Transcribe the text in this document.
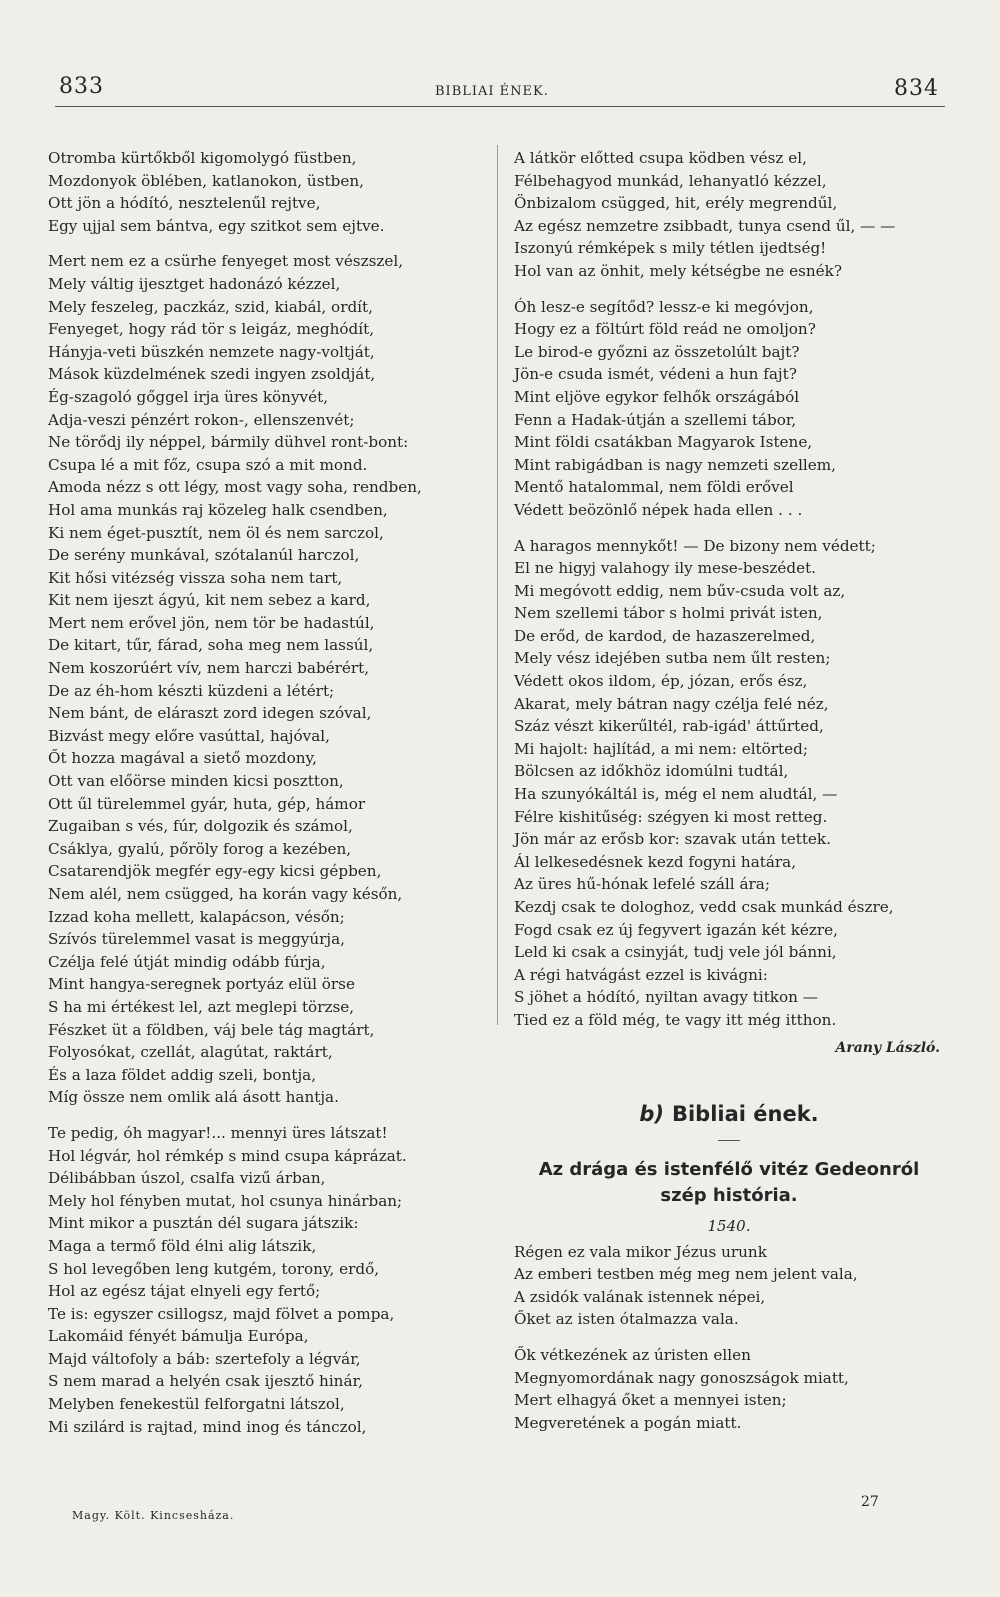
833	BIBLIAI ÉNEK.	834
Otromba kürtőkből kigomolygó füstben,
Mozdonyok öblében, katlanokon, üstben,
Ott jön a hódító, nesztelenűl rejtve,
Egy ujjal sem bántva, egy szitkot sem ejtve.
Mert nem ez a csürhe fenyeget most vészszel,
Mely váltig ijesztget hadonázó kézzel,
Mely feszeleg, paczkáz, szid, kiabál, ordít,
Fenyeget, hogy rád tör s leigáz, meghódít,
Hányja-veti büszkén nemzete nagy-voltját,
Mások küzdelmének szedi ingyen zsoldját,
Ég-szagoló gőggel irja üres könyvét,
Adja-veszi pénzért rokon-, ellenszenvét;
Ne törődj ily néppel, bármily dühvel ront-bont:
Csupa lé a mit főz, csupa szó a mit mond.
Amoda nézz s ott légy, most vagy soha, rendben,
Hol ama munkás raj közeleg halk csendben,
Ki nem éget-pusztít, nem öl és nem sarczol,
De serény munkával, szótalanúl harczol,
Kit hősi vitézség vissza soha nem tart,
Kit nem ijeszt ágyú, kit nem sebez a kard,
Mert nem erővel jön, nem tör be hadastúl,
De kitart, tűr, fárad, soha meg nem lassúl,
Nem koszorúért vív, nem harczi babérért,
De az éh-hom készti küzdeni a létért;
Nem bánt, de eláraszt zord idegen szóval,
Bizvást megy előre vasúttal, hajóval,
Őt hozza magával a siető mozdony,
Ott van előörse minden kicsi posztton,
Ott űl türelemmel gyár, huta, gép, hámor
Zugaiban s vés, fúr, dolgozik és számol,
Csáklya, gyalú, pőröly forog a kezében,
Csatarendjök megfér egy-egy kicsi gépben,
Nem alél, nem csügged, ha korán vagy későn,
Izzad koha mellett, kalapácson, vésőn;
Szívós türelemmel vasat is meggyúrja,
Czélja felé útját mindig odább fúrja,
Mint hangya-seregnek portyáz elül örse
S ha mi értékest lel, azt meglepi törzse,
Fészket üt a földben, váj bele tág magtárt,
Folyosókat, czellát, alagútat, raktárt,
És a laza földet addig szeli, bontja,
Míg össze nem omlik alá ásott hantja.
Te pedig, óh magyar!... mennyi üres látszat!
Hol légvár, hol rémkép s mind csupa káprázat.
Délibábban úszol, csalfa vizű árban,
Mely hol fényben mutat, hol csunya hinárban;
Mint mikor a pusztán dél sugara játszik:
Maga a termő föld élni alig látszik,
S hol levegőben leng kutgém, torony, erdő,
Hol az egész tájat elnyeli egy fertő;
Te is: egyszer csillogsz, majd fölvet a pompa,
Lakomáid fényét bámulja Európa,
Majd váltofoly a báb: szertefoly a légvár,
S nem marad a helyén csak ijesztő hinár,
Melyben fenekestül felforgatni látszol,
Mi szilárd is rajtad, mind inog és tánczol,
A látkör előtted csupa ködben vész el,
Félbehagyod munkád, lehanyatló kézzel,
Önbizalom csügged, hit, erély megrendűl,
Az egész nemzetre zsibbadt, tunya csend űl, — —
Iszonyú rémképek s mily tétlen ijedtség!
Hol van az önhit, mely kétségbe ne esnék?
Óh lesz-e segítőd? lessz-e ki megóvjon,
Hogy ez a föltúrt föld reád ne omoljon?
Le birod-e győzni az összetolúlt bajt?
Jön-e csuda ismét, védeni a hun fajt?
Mint eljöve egykor felhők országából
Fenn a Hadak-útján a szellemi tábor,
Mint földi csatákban Magyarok Istene,
Mint rabigádban is nagy nemzeti szellem,
Mentő hatalommal, nem földi erővel
Védett beözönlő népek hada ellen . . .
A haragos mennykőt! — De bizony nem védett;
El ne higyj valahogy ily mese-beszédet.
Mi megóvott eddig, nem bűv-csuda volt az,
Nem szellemi tábor s holmi privát isten,
De erőd, de kardod, de hazaszerelmed,
Mely vész idejében sutba nem űlt resten;
Védett okos ildom, ép, józan, erős ész,
Akarat, mely bátran nagy czélja felé néz,
Száz vészt kikerűltél, rab-igád' áttűrted,
Mi hajolt: hajlítád, a mi nem: eltörted;
Bölcsen az időkhöz idomúlni tudtál,
Ha szunyókáltál is, még el nem aludtál, —
Félre kishitűség: szégyen ki most retteg.
Jön már az erősb kor: szavak után tettek.
Ál lelkesedésnek kezd fogyni határa,
Az üres hű-hónak lefelé száll ára;
Kezdj csak te dologhoz, vedd csak munkád észre,
Fogd csak ez új fegyvert igazán két kézre,
Leld ki csak a csinyját, tudj vele jól bánni,
A régi hatvágást ezzel is kivágni:
S jöhet a hódító, nyiltan avagy titkon —
Tied ez a föld még, te vagy itt még itthon.
Arany László.
b) Bibliai ének.
Az drága és istenfélő vitéz Gedeonról
szép história.
1540.
Régen ez vala mikor Jézus urunk
Az emberi testben még meg nem jelent vala,
A zsidók valának istennek népei,
Őket az isten ótalmazza vala.
Ők vétkezének az úristen ellen
Megnyomordának nagy gonoszságok miatt,
Mert elhagyá őket a mennyei isten;
Megveretének a pogán miatt.
Magy. Költ. Kincsesháza.
27
